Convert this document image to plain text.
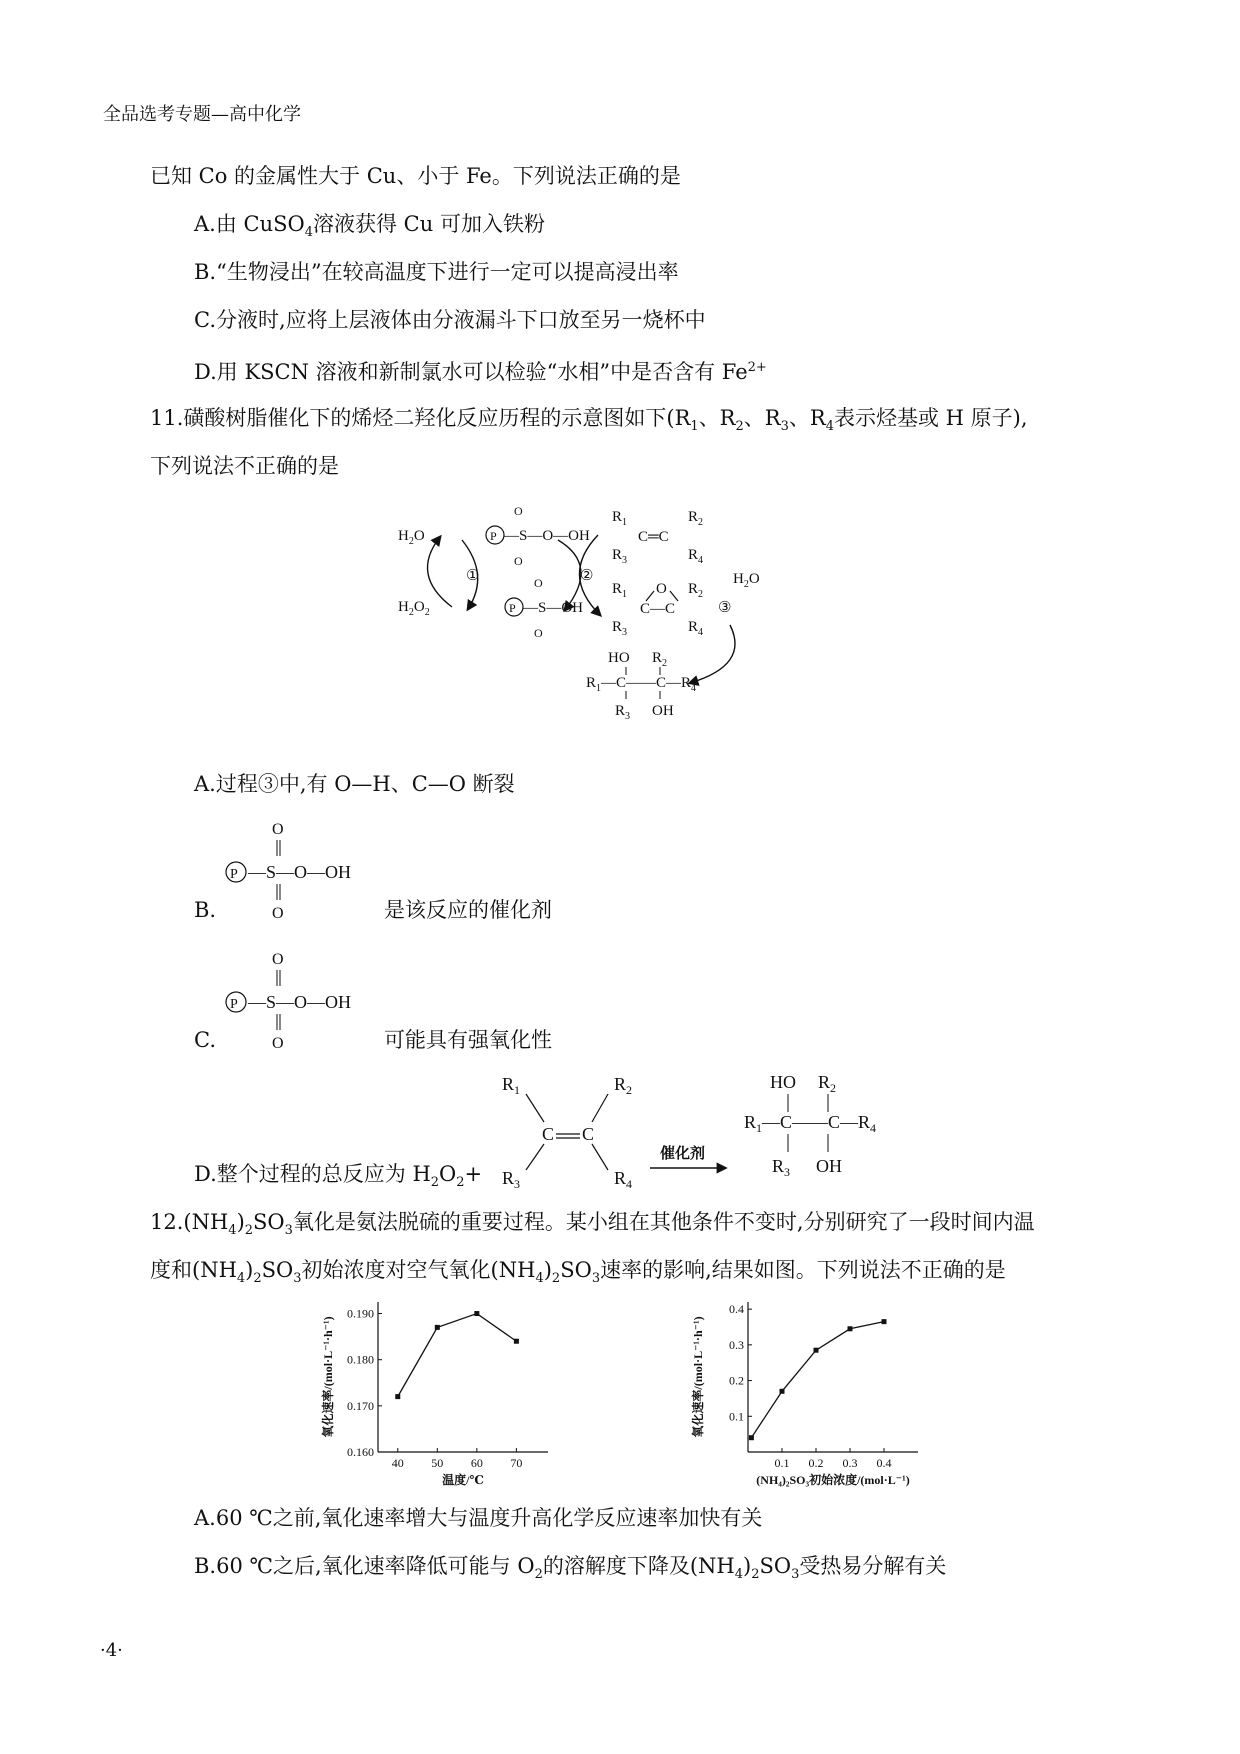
全品选考专题—高中化学
已知 Co 的金属性大于 Cu、小于 Fe。下列说法正确的是
A.由 CuSO$_4$溶液获得 Cu 可加入铁粉
B.“生物浸出”在较高温度下进行一定可以提高浸出率
C.分液时,应将上层液体由分液漏斗下口放至另一烧杯中
D.用 KSCN 溶液和新制氯水可以检验“水相”中是否含有 $Fe^{2+}$
11.磺酸树脂催化下的烯烃二羟化反应历程的示意图如下($R_1$、$R_2$、$R_3$、$R_4$表示烃基或 H 原子),
下列说法不正确的是
$H_2O$
$H_2O_2$
①
P —S—O—OH
O
O
P —S—OH
O
O
②
$R_1$
$R_3$
$R_2$
$R_4$
C═C
$R_1$
$R_3$
$R_2$
$R_4$
C—C
O
$H_2O$
③
HO $R_2$
$R_1—C——C—R_4$
$R_3$ OH
A.过程③中,有 O—H、C—O 断裂
P —S—O—OH
O
O
B.	是该反应的催化剂
P —S—O—OH
O
O
C.	可能具有强氧化性
D.整个过程的总反应为 $H_2O_2+$
$R_1$
$R_3$
$R_2$
$R_4$
C C
催化剂
HO $R_2$
$R_1—C——C—R_4$
$R_3$ OH
$12.(NH_4)_2SO_3$氧化是氨法脱硫的重要过程。某小组在其他条件不变时,分别研究了一段时间内温
度和$(NH_4)_2SO_3$初始浓度对空气氧化$(NH_4)_2SO_3$速率的影响,结果如图。下列说法不正确的是
40 50 60 70
0.160
0.170
0.180
0.190
温度/℃
氧化速率/(mol·L⁻¹·h⁻¹)
0.1 0.2 0.3 0.4
0.1
0.2
0.3
0.4
(NH₄)₂SO₃初始浓度/(mol·L⁻¹)
氧化速率/(mol·L⁻¹·h⁻¹)
A.60 ℃之前,氧化速率增大与温度升高化学反应速率加快有关
B.60 ℃之后,氧化速率降低可能与 $O_2$的溶解度下降及$(NH_4)_2SO_3$受热易分解有关
·4·
